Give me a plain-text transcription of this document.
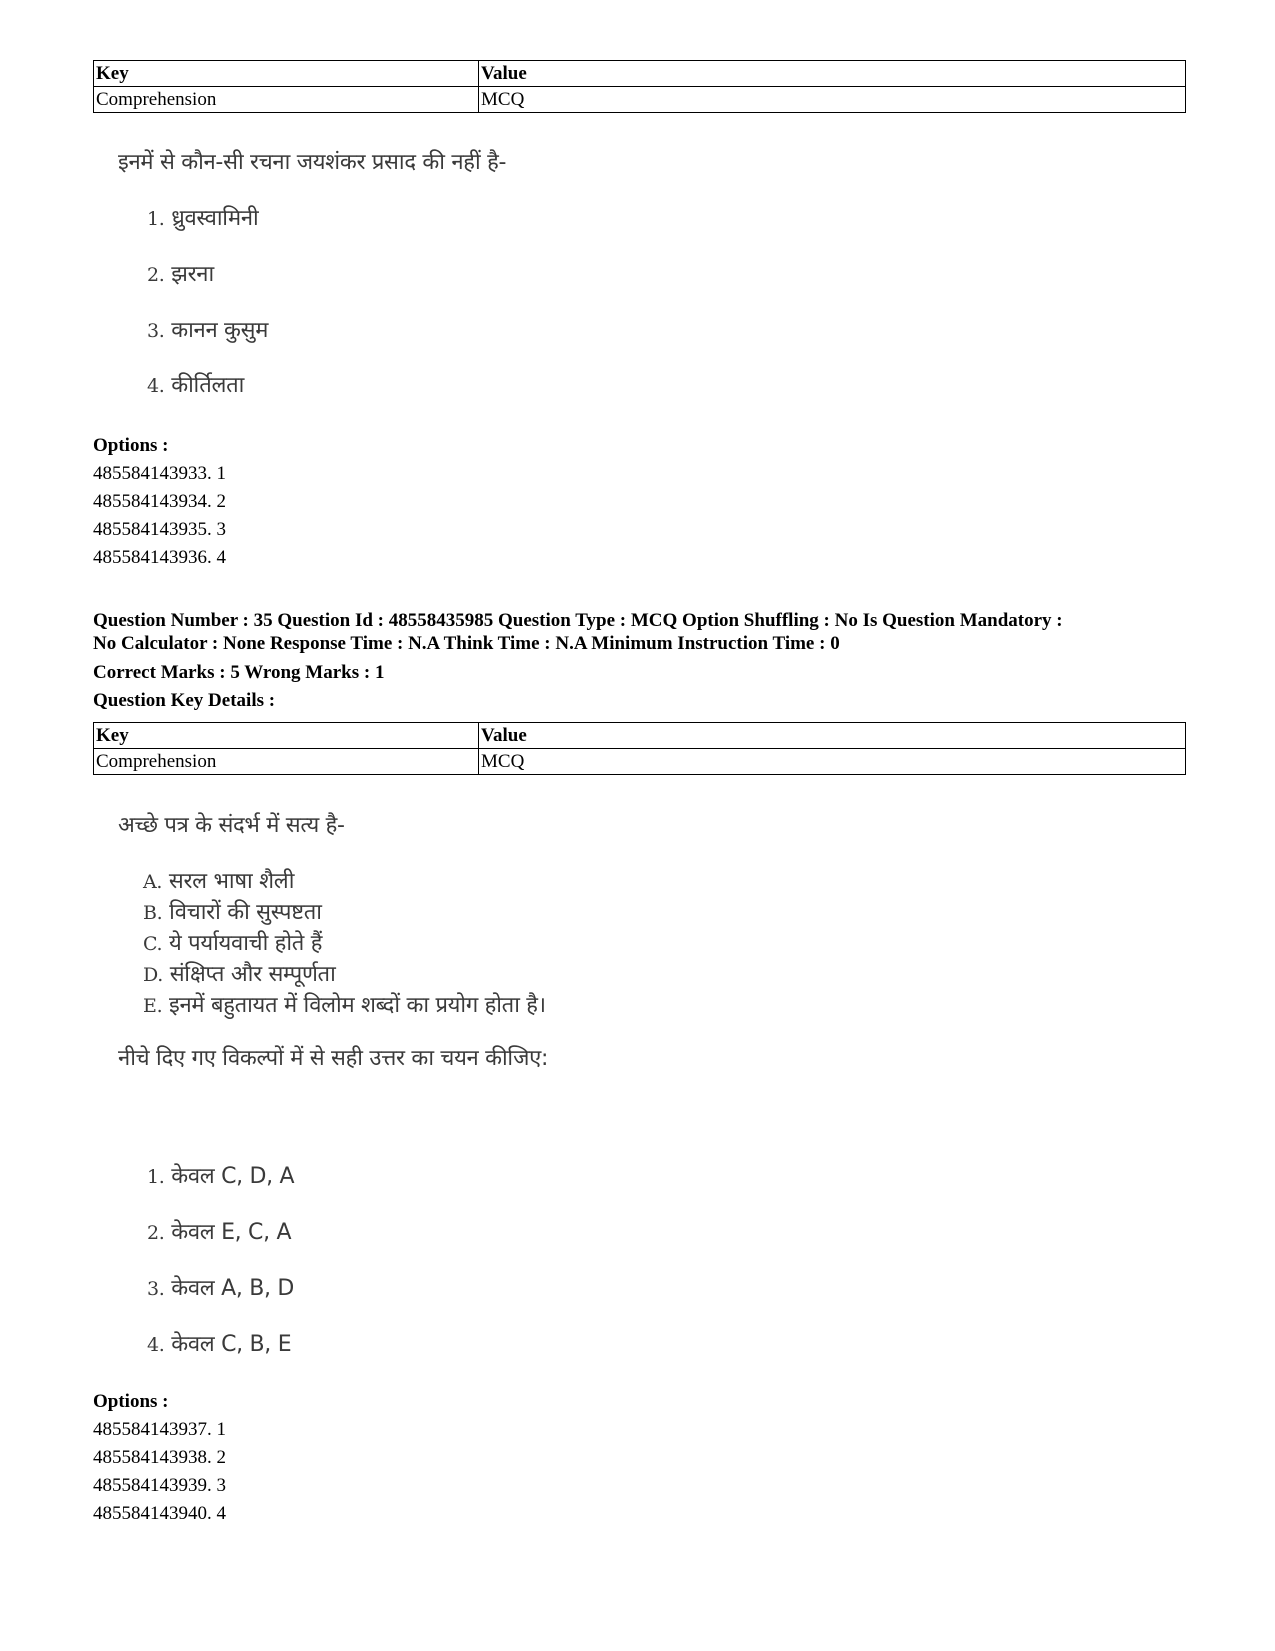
Key	Value
Comprehension	MCQ
इनमें से कौन-सी रचना जयशंकर प्रसाद की नहीं है-
1. ध्रुवस्वामिनी
2. झरना
3. कानन कुसुम
4. कीर्तिलता
Options :
485584143933. 1
485584143934. 2
485584143935. 3
485584143936. 4
Question Number : 35 Question Id : 48558435985 Question Type : MCQ Option Shuffling : No Is Question Mandatory :
No Calculator : None Response Time : N.A Think Time : N.A Minimum Instruction Time : 0
Correct Marks : 5 Wrong Marks : 1
Question Key Details :
Key	Value
Comprehension	MCQ
अच्छे पत्र के संदर्भ में सत्य है-
A. सरल भाषा शैली
B. विचारों की सुस्पष्टता
C. ये पर्यायवाची होते हैं
D. संक्षिप्त और सम्पूर्णता
E. इनमें बहुतायत में विलोम शब्दों का प्रयोग होता है।
नीचे दिए गए विकल्पों में से सही उत्तर का चयन कीजिए:
1. केवल C, D, A
2. केवल E, C, A
3. केवल A, B, D
4. केवल C, B, E
Options :
485584143937. 1
485584143938. 2
485584143939. 3
485584143940. 4
